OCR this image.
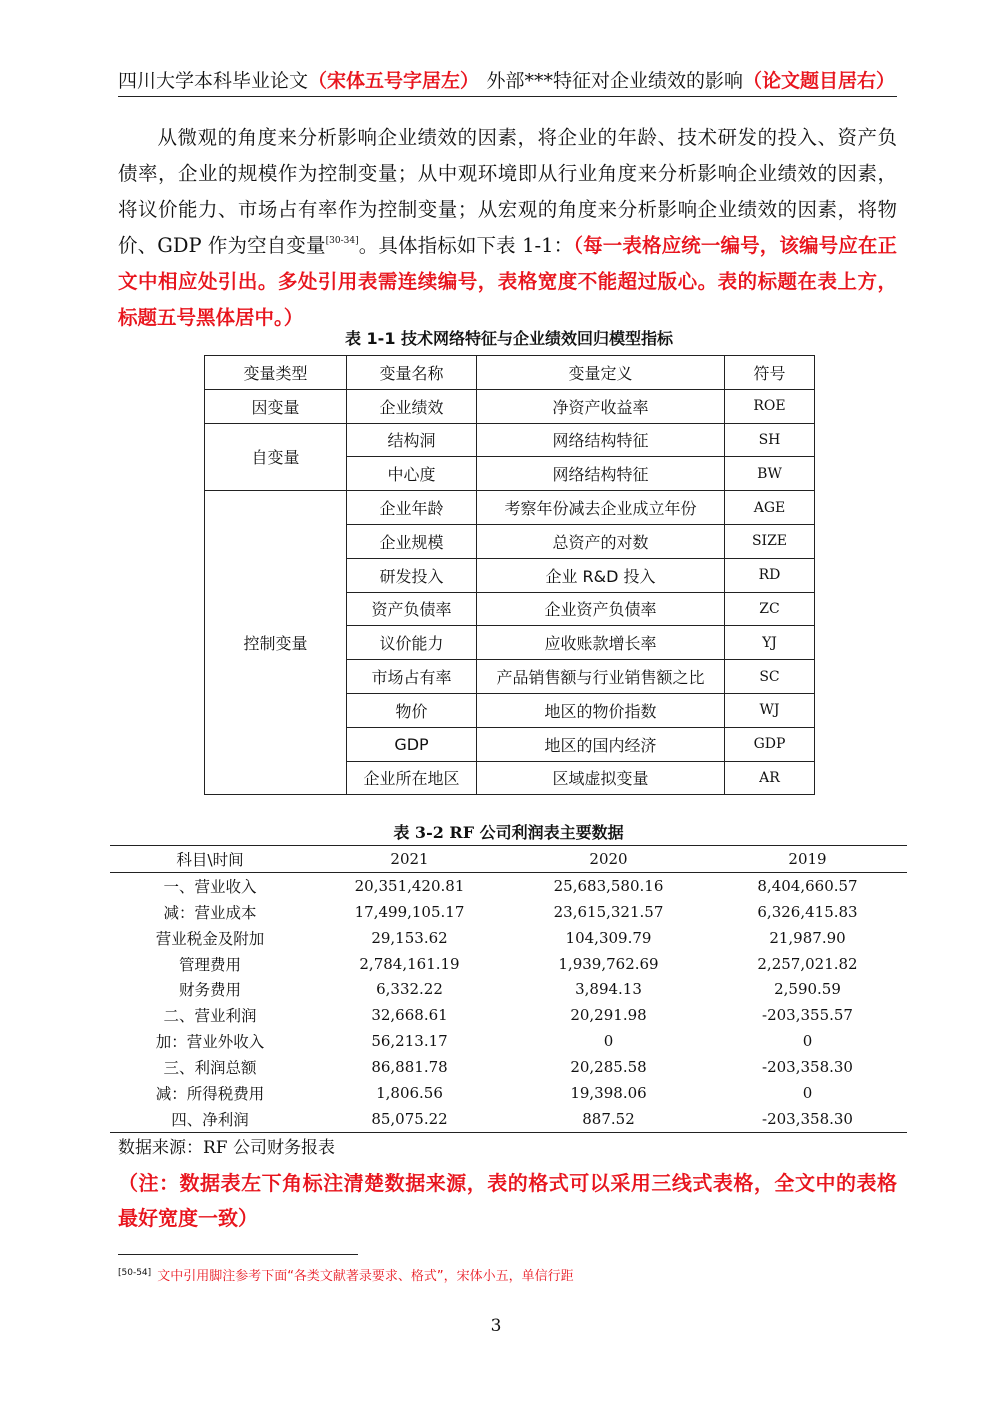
四川大学本科毕业论文（宋体五号字居左） 外部***特征对企业绩效的影响（论文题目居右）
从微观的角度来分析影响企业绩效的因素，将企业的年龄、技术研发的投入、资产负债率，企业的规模作为控制变量；从中观环境即从行业角度来分析影响企业绩效的因素，将议价能力、市场占有率作为控制变量；从宏观的角度来分析影响企业绩效的因素，将物价、GDP 作为空自变量[30-34]。具体指标如下表 1-1：（每一表格应统一编号，该编号应在正文中相应处引出。多处引用表需连续编号，表格宽度不能超过版心。表的标题在表上方，标题五号黑体居中。）
表 1-1 技术网络特征与企业绩效回归模型指标
变量类型	变量名称	变量定义	符号
因变量	企业绩效	净资产收益率	ROE
自变量	结构洞	网络结构特征	SH
	中心度	网络结构特征	BW
控制变量	企业年龄	考察年份减去企业成立年份	AGE
	企业规模	总资产的对数	SIZE
	研发投入	企业 R&D 投入	RD
	资产负债率	企业资产负债率	ZC
	议价能力	应收账款增长率	YJ
	市场占有率	产品销售额与行业销售额之比	SC
	物价	地区的物价指数	WJ
	GDP	地区的国内经济	GDP
	企业所在地区	区域虚拟变量	AR
表 3-2 RF 公司利润表主要数据
科目\时间	2021	2020	2019
一、营业收入	20,351,420.81	25,683,580.16	8,404,660.57
减：营业成本	17,499,105.17	23,615,321.57	6,326,415.83
营业税金及附加	29,153.62	104,309.79	21,987.90
管理费用	2,784,161.19	1,939,762.69	2,257,021.82
财务费用	6,332.22	3,894.13	2,590.59
二、营业利润	32,668.61	20,291.98	-203,355.57
加：营业外收入	56,213.17	0	0
三、利润总额	86,881.78	20,285.58	-203,358.30
减：所得税费用	1,806.56	19,398.06	0
四、净利润	85,075.22	887.52	-203,358.30
数据来源：RF 公司财务报表
（注：数据表左下角标注清楚数据来源，表的格式可以采用三线式表格，全文中的表格最好宽度一致）
[50-54] 文中引用脚注参考下面“各类文献著录要求、格式”，宋体小五，单信行距
3
